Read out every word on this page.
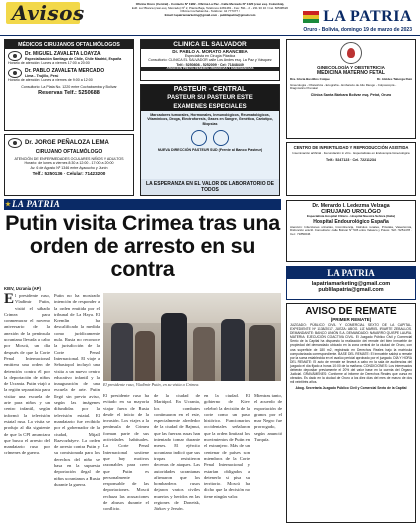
Avisos	Oficina Oruro (Central) - Contacto Nº 1982 - Oficina La Paz - Calle Mercado Nº 1420 (casi esq. Colombia),
Edif. Luz Blanca (casi esq. Mercado) Nº 2, Planta Baja, Teléfonos 2281481 - Fax: 591 - 2 - 231 30 16 / Cel. 60508620
Oficina Cochabamba - Teléfono: 44 777377 /
Email: lapatriamarketing@gmail.com - publilapatria@gmail.com	LA PATRIA
Oruro - Bolivia, domingo 19 de marzo de 2023
MÉDICOS CIRUJANOS OFTALMÓLOGOS
Dr. MIGUEL ZAVALETA LOAYZA
Especialización Santiago de Chile, Chile Madrid, España
Horario de atención: Lunes a viernes 17:00 a 20:00
Dr. PABLO ZAVALETA MERCADO
Lima - Trujillo, Perú
Horario de atención: Lunes a viernes de 9:00 a 12:00
Consultorio: La Plata No. 1220 entre Cochabamba y Bolívar
Reservas Telf.: 5250688
Dr. JORGE PEÑALOZA LEMA
CIRUJANO OFTALMÓLOGO
ATENCIÓN DE ENFERMEDADES OCULARES NIÑOS Y ADULTOS
Horario: de lunes a viernes 8:30 a 12:00 - 17:00 a 20:00
Av. 6 de Agosto Nº 1346 entre Ayacucho y Junín
Telf.: 5250136 · Celular: 71423200
CLINICA EL SALVADOR
Dr. PABLO A. MORATO ARANCIBIA
Especialista en Cirugía Plástica
Consultorio: CLINICA EL SALVADOR calle Los Andes esq. La Paz y Vásquez
Telf.: 5250808 - 5252009 · Cel: 71848449
ATENCIÓN PREVIA RESERVA URGENCIAS Y EMERGENCIAS
PASTEUR - CENTRAL
PASTEUR SU PASTEUR ESTE
EXAMENES ESPECIALES
Marcadores tumorales, Hormonales, Inmunológicos, Reumatológicos, Vitamínicos, Droga, Electroforesis, Gases en Sangre, Genética, Cariotipo, Biopsias
NUEVA DIRECCIÓN PASTEUR SUD (Frente al Banco Pasteur)
LA ESPERANZA EN EL VALOR DE LABORATORIO DE TODOS
GINECOLOGÍA Y OBSTETRICIA
MEDICINA MATERNO FETAL
Dra. Gloria Bustillos Colque	Dr. Alcides Taborga Ruiz
Ginecología - Obstetricia - Ecografía - Embarazo de Alto Riesgo - Colposcopía - Diagnóstico Prenatal
Clínica Santa Bárbara Bolívar esq. Petot, Oruro
CENTRO DE INFERTILIDAD Y REPRODUCCIÓN ASISTIDA
Inseminación artificial · Fecundación in vitro · Especialistas en Endoscopia Ginecológica
Telf.: 5247123 · Cel. 72211234
Dr. Merardo I. Ledezma Velzaga
CIRUJANO UROLÓGO
Especialista Hospital Clínico - Hospital Nuestra Señora (Italia)
Hospital Endourológico España
Atención: Infecciones urinarias, Incontinencia, Cálculos renales, Próstata, Vasectomía, Disfunción eréctil. Consultorio: calle Bolívar Nº 545 entre Velasco y Potosí. Telf.: 5251478 · Cel.: 71850046
LA PATRIA
lapatriamarketing@gmail.com
publilapatria@gmail.com
LA PATRIA
Putin visita Crimea tras una orden de arresto en su contra
KIEV, Ucrania (AP)
El presidente ruso, Vladímir Putin, visitó el sábado Crimea para conmemorar el noveno aniversario de la anexión de la península ucraniana llevada a cabo por Moscú, un día después de que la Corte Penal Internacional emitiera una orden de detención contra él por la deportación de niños de Ucrania. Putin viajó a la región separatista para visitar una escuela de arte para niños y un centro infantil, según informó la televisión estatal rusa. La visita se produjo al día siguiente de que la CPI anunciara que busca el arresto del mandatario ruso por crímenes de guerra.
Putin no ha mostrado intención de responder a la orden emitida por el tribunal de La Haya. El Kremlin ha descalificado la medida como jurídicamente nula. Rusia no reconoce la jurisdicción de la Corte Penal Internacional. El viaje a Sebastopol incluyó una visita a un nuevo centro educativo infantil y la inauguración de una escuela de arte. Putin llegó sin previo aviso, según las imágenes difundidas por la televisión estatal. El mandatario fue recibido por el gobernador de la ciudad, Mijaíl Razvozháyev. La orden de arresto contra Putin y su comisionada para los derechos del niño se basa en la supuesta deportación ilegal de niños ucranianos a Rusia durante la guerra.
El presidente ruso, Vladímir Putin, en su visita a Crimea.
El presidente ruso ha evitado en su mayoría viajar fuera de Rusia desde el inicio de la invasión. Los viajes a la península de Crimea forman parte de sus actividades habituales. La Corte Penal Internacional sostiene que hay motivos razonables para creer que Putin es personalmente responsable de las deportaciones. Moscú rechaza las acusaciones de abusos durante el conflicto.
de la ciudad de Mariúpol. En Ucrania, los combates continuaron en el este, especialmente alrededor de la ciudad de Bajmut, que las fuerzas rusas han intentado tomar durante meses. El ejército ucraniano indicó que sus tropas resistieron decenas de ataques. Las autoridades ucranianas afirmaron que los bombardeos rusos dejaron varios civiles muertos y heridos en las regiones de Donetsk, Járkov y Jersón.
en la ciudad. El gobierno de Kiev celebró la decisión de la corte como un paso histórico. Funcionarios occidentales señalaron que la orden limitará los movimientos de Putin en el extranjero. Más de un centenar de países son miembros de la Corte Penal Internacional y estarían obligados a detenerlo si pisa su territorio. Moscú ha dicho que la decisión no tiene ningún valor.
Mientras tanto, el acuerdo de exportación de granos por el mar Negro fue prorrogado, según anunció Turquía.
AVISO DE REMATE
(PRIMER REMATE)
JUZGADO: PÚBLICO CIVIL Y COMERCIAL SEXTO DE LA CAPITAL. EXPEDIENTE Nº 1138/2017. JUEZA: ABOG. LIZ MARIEL IRIARTE ZEBALLOS. DEMANDANTE: BANCO UNIÓN S.A. DEMANDADO: NAVARRO QUISPE LAURA. MATERIA: EJECUCIÓN COACTIVA CIVIL. El Juzgado Público Civil y Comercial Sexto de la Capital ha dispuesto la realización del remate del bien inmueble de propiedad del demandado ubicado en la zona central de la ciudad de Oruro, con una superficie de 180 m2, registrado en Derechos Reales bajo la matrícula computarizada correspondiente. BASE DEL REMATE: El inmueble saldrá a remate por la suma establecida en el avalúo pericial aprobado por el juzgado. DÍA Y HORA DEL REMATE: El acto de remate se llevará a cabo en la sala de audiencias del juzgado el día fijado a horas 10:00 de la mañana. CONDICIONES: Los interesados deberán depositar previamente el 20% del valor base en la cuenta del Órgano Judicial. GRAVÁMENES: Conforme al informe de Derechos Reales que cursa en obrados. Es dado en la ciudad de Oruro a los diez días del mes de marzo de dos mil veintitrés años.
Abog. Secretaria Juzgado Público Civil y Comercial Sexto de la Capital
